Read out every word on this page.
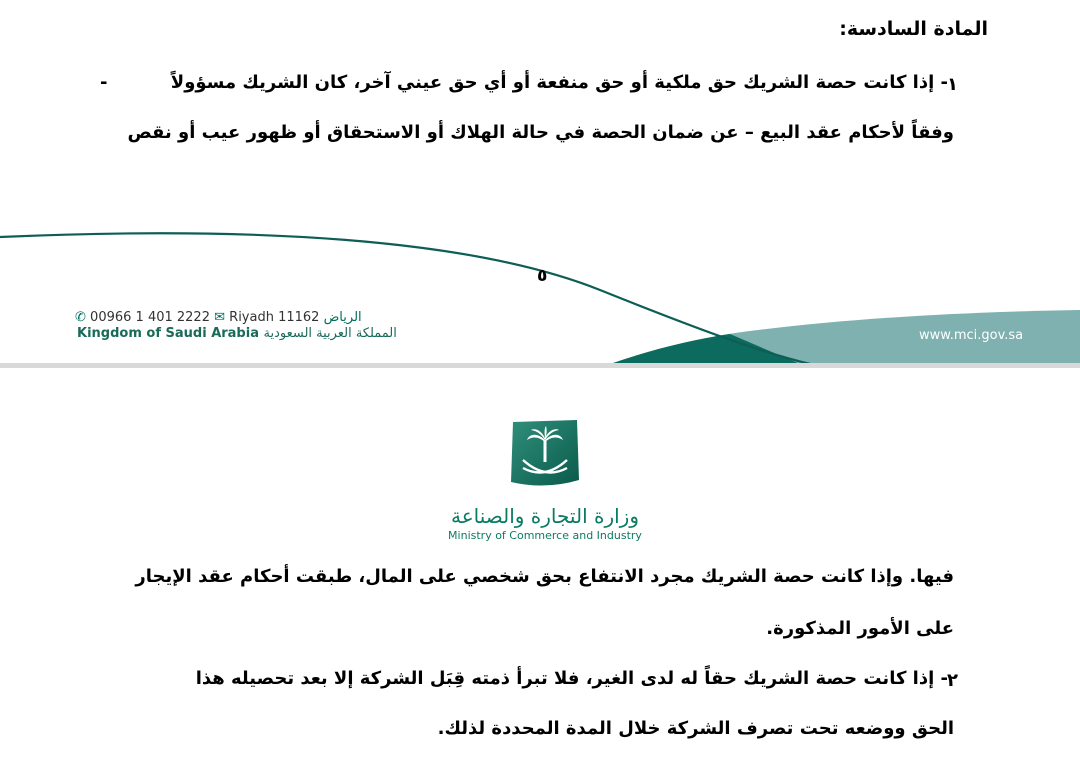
المادة السادسة:
١
- إذا كانت حصة الشريك حق ملكية أو حق منفعة أو أي حق عيني آخر، كان الشريك مسؤولاً
-
وفقاً لأحكام عقد البيع – عن ضمان الحصة في حالة الهلاك أو الاستحقاق أو ظهور عيب أو نقص
٥
✆ 00966 1 401 2222 ✉ Riyadh 11162 الرياض
Kingdom of Saudi Arabia المملكة العربية السعودية	www.mci.gov.sa
وزارة التجارة والصناعة
Ministry of Commerce and Industry
فيها. وإذا كانت حصة الشريك مجرد الانتفاع بحق شخصي على المال، طبقت أحكام عقد الإيجار
على الأمور المذكورة.
٢
- إذا كانت حصة الشريك حقاً له لدى الغير، فلا تبرأ ذمته قِبَل الشركة إلا بعد تحصيله هذا
الحق ووضعه تحت تصرف الشركة خلال المدة المحددة لذلك.
